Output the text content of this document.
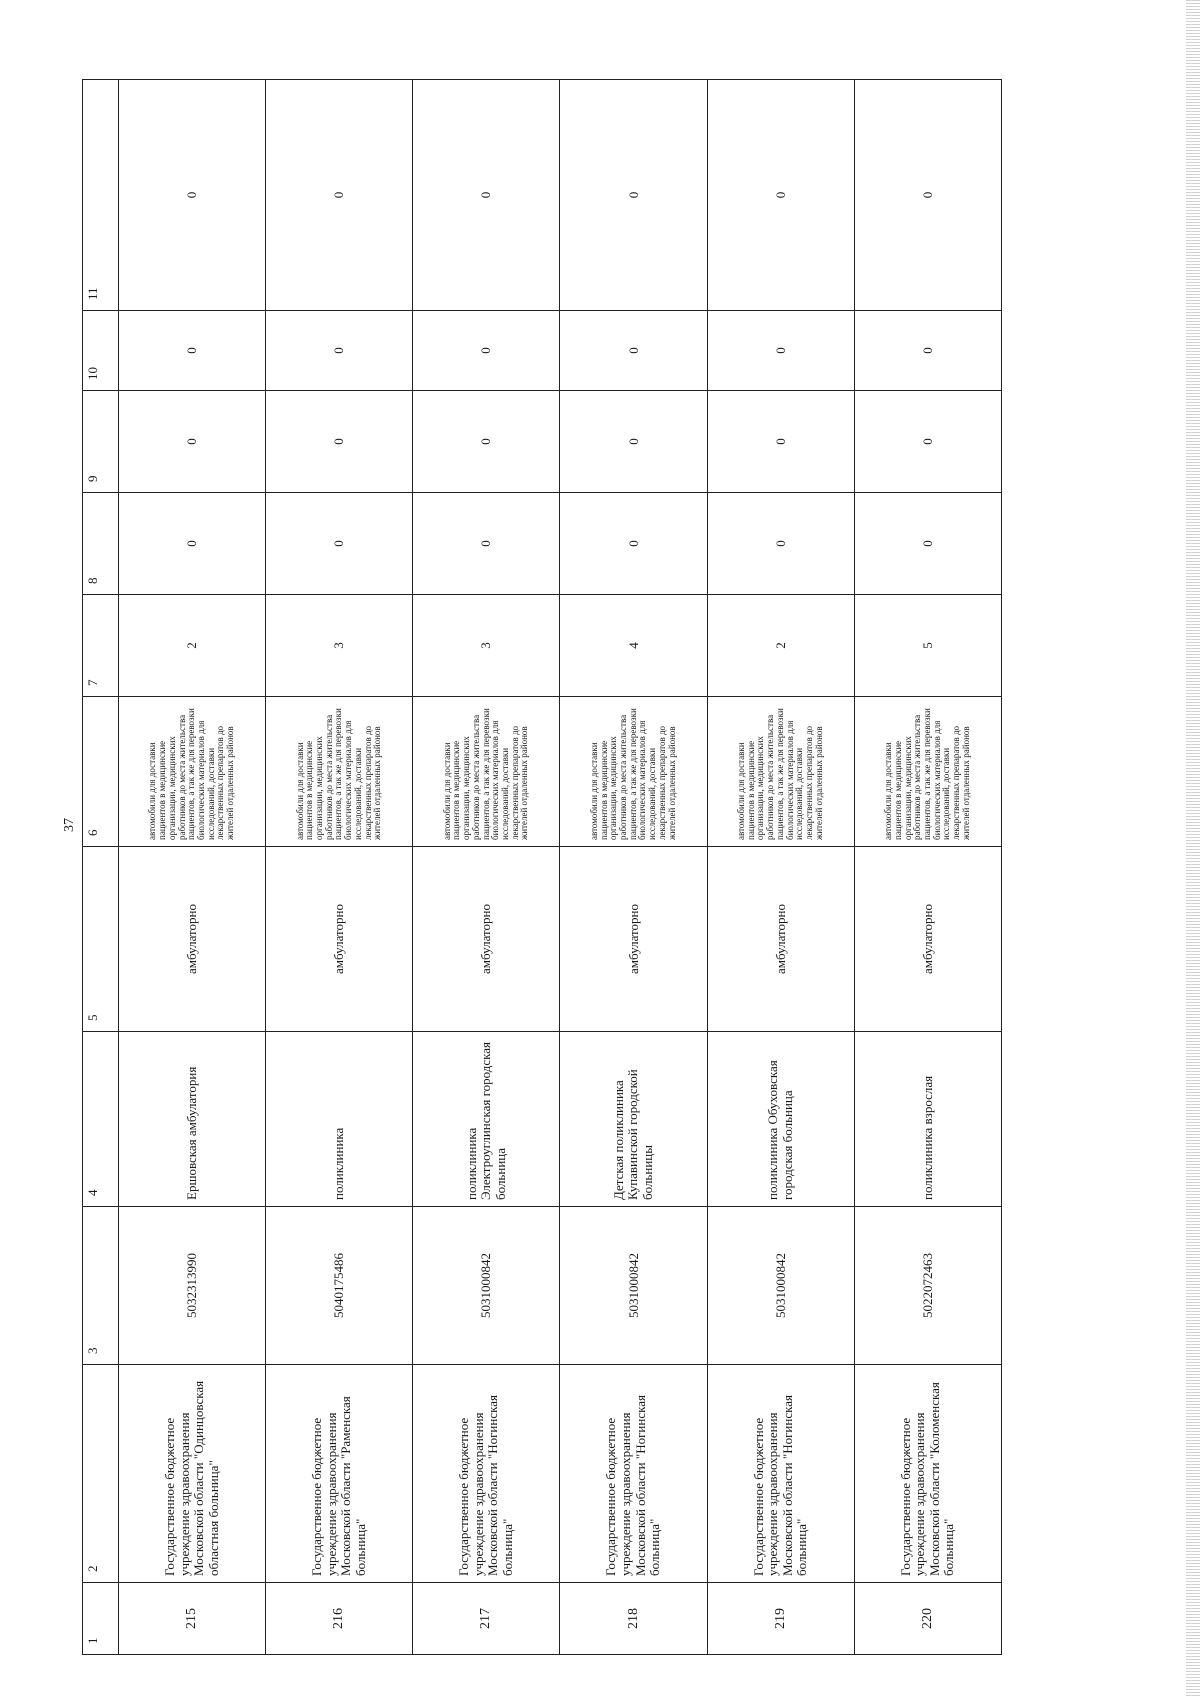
37
1	2	3	4	5	6	7	8	9	10	11
215	Государственное бюджетное учреждение здравоохранения Московской области "Одинцовская областная больница"	5032313990	Ершовская амбулатория	амбулаторно	автомобили для доставки пациентов в медицинские организации, медицинских работников до места жительства пациентов, а так же для перевозки биологических материалов для исследований, доставки лекарственных препаратов до жителей отдаленных районов	2	0	0	0	0
216	Государственное бюджетное учреждение здравоохранения Московской области "Раменская больница"	5040175486	поликлиника	амбулаторно	автомобили для доставки пациентов в медицинские организации, медицинских работников до места жительства пациентов, а так же для перевозки биологических материалов для исследований, доставки лекарственных препаратов до жителей отдаленных районов	3	0	0	0	0
217	Государственное бюджетное учреждение здравоохранения Московской области "Ногинская больница"	5031000842	поликлиника Электроуглинская городская больница	амбулаторно	автомобили для доставки пациентов в медицинские организации, медицинских работников до места жительства пациентов, а так же для перевозки биологических материалов для исследований, доставки лекарственных препаратов до жителей отдаленных районов	3	0	0	0	0
218	Государственное бюджетное учреждение здравоохранения Московской области "Ногинская больница"	5031000842	Детская поликлиника Купавинской городской больницы	амбулаторно	автомобили для доставки пациентов в медицинские организации, медицинских работников до места жительства пациентов, а так же для перевозки биологических материалов для исследований, доставки лекарственных препаратов до жителей отдаленных районов	4	0	0	0	0
219	Государственное бюджетное учреждение здравоохранения Московской области "Ногинская больница"	5031000842	поликлиника Обуховская городская больница	амбулаторно	автомобили для доставки пациентов в медицинские организации, медицинских работников до места жительства пациентов, а так же для перевозки биологических материалов для исследований, доставки лекарственных препаратов до жителей отдаленных районов	2	0	0	0	0
220	Государственное бюджетное учреждение здравоохранения Московской области "Коломенская больница"	5022072463	поликлиника взрослая	амбулаторно	автомобили для доставки пациентов в медицинские организации, медицинских работников до места жительства пациентов, а так же для перевозки биологических материалов для исследований, доставки лекарственных препаратов до жителей отдаленных районов	5	0	0	0	0
